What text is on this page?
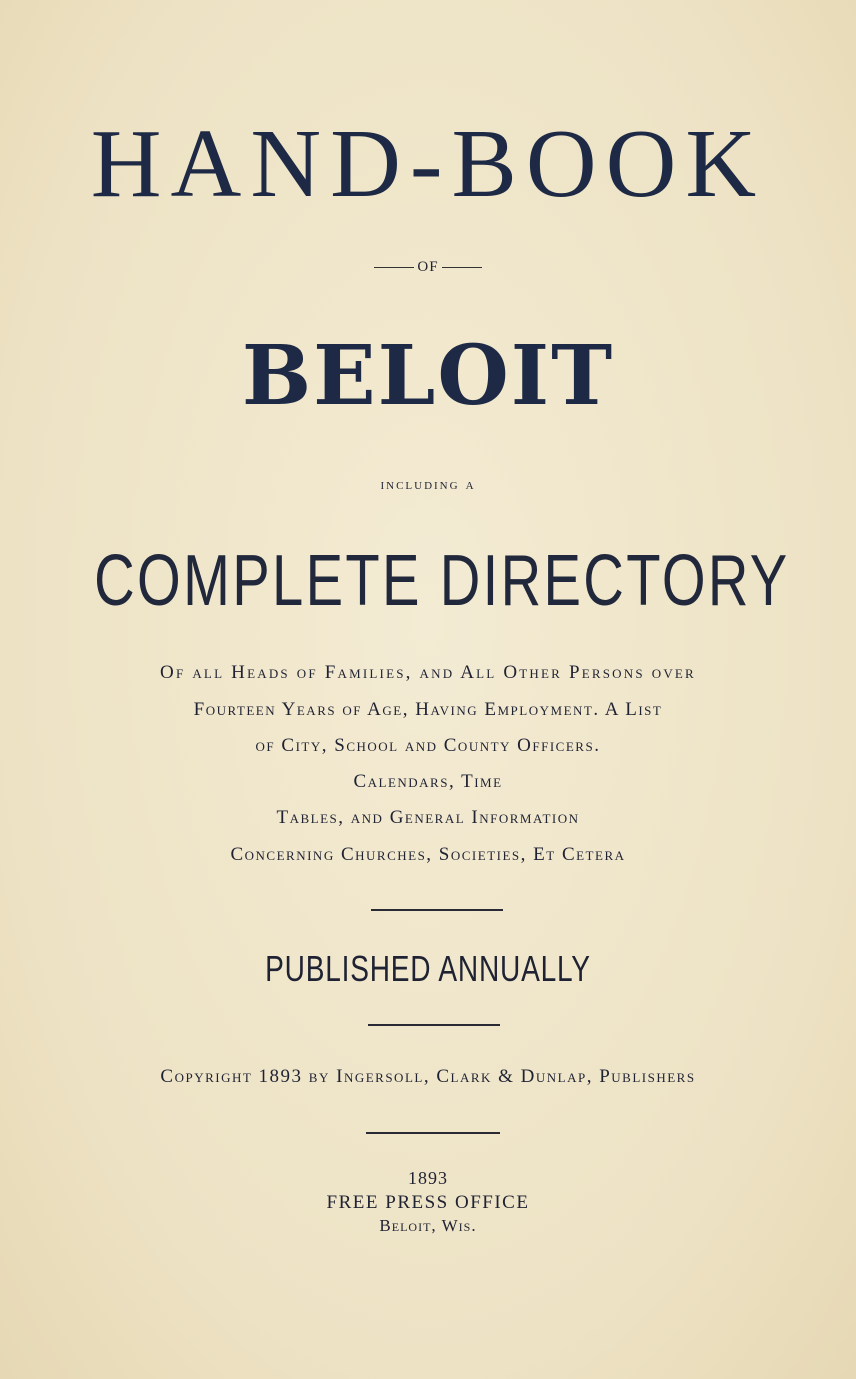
HAND-BOOK
OF
BELOIT
including a
COMPLETE DIRECTORY
Of all Heads of Families, and All Other Persons over
Fourteen Years of Age, Having Employment. A List
of City, School and County Officers.
Calendars, Time
Tables, and General Information
Concerning Churches, Societies, Et Cetera
PUBLISHED ANNUALLY
Copyright 1893 by Ingersoll, Clark & Dunlap, Publishers
1893
FREE PRESS OFFICE
Beloit, Wis.
